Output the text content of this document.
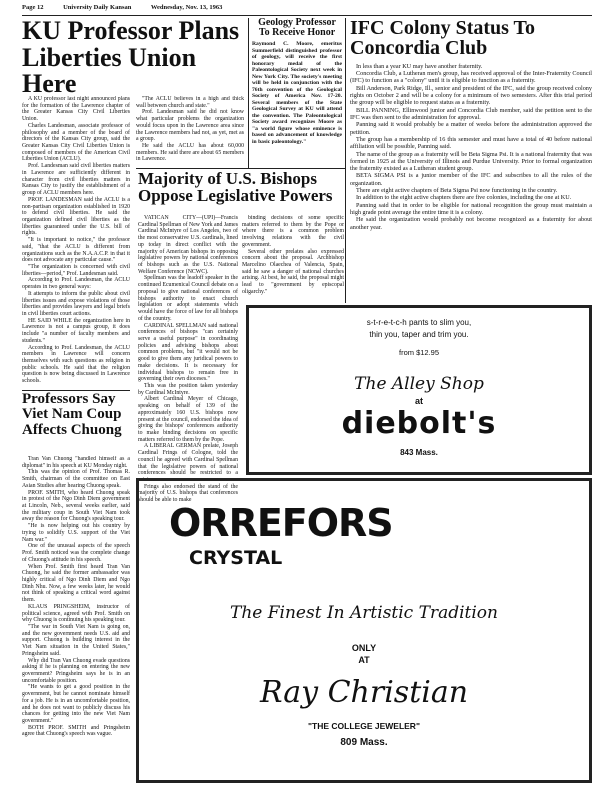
Page 12	University Daily Kansan	Wednesday, Nov. 13, 1963
KU Professor Plans Liberties Union Here

A KU professor last night announced plans for the formation of the Lawrence chapter of the Greater Kansas City Civil Liberties Union.

Charles Landesman, associate professor of philosophy and a member of the board of directors of the Kansas City group, said the Greater Kansas City Civil Liberties Union is composed of members of the American Civil Liberties Union (ACLU).

Prof. Landesman said civil liberties matters in Lawrence are sufficiently different in character from civil liberties matters in Kansas City to justify the establishment of a group of ACLU members here.

PROF. LANDESMAN said the ACLU is a non-partisan organization established in 1920 to defend civil liberties. He said the organization defined civil liberties as the liberties guaranteed under the U.S. bill of rights.

"It is important to notice," the professor said, "that the ACLU is different from organizations such as the N.A.A.C.P. in that it does not advocate any particular cause."

"The organization is concerned with civil liberties—period," Prof. Landesman said.

According to Prof. Landesman, the ACLU operates in two general ways:

It attempts to inform the public about civil liberties issues and expose violations of those liberties and provides lawyers and legal briefs in civil liberties court actions.

HE SAID WHILE the organization here in Lawrence is not a campus group, it does include "a number of faculty members and students."

According to Prof. Landesman, the ACLU members in Lawrence will concern themselves with such questions as religion in public schools. He said that the religion question is now being discussed in Lawrence schools.

"The ACLU believes in a high and thick wall between church and state."

Prof. Landesman said he did not know what particular problems the organization would focus upon in the Lawrence area since the Lawrence members had not, as yet, met as a group.

He said the ACLU has about 60,000 members. He said there are about 65 members in Lawrence.

Geology Professor To Receive Honor
Raymond C. Moore, emeritus Summerfield distinguished professor of geology, will receive the first honorary medal of the Paleontological Society next week in New York City. The society's meeting will be held in conjunction with the 76th convention of the Geological Society of America Nov. 17-20. Several members of the State Geological Survey at KU will attend the convention. The Paleontological Society award recognizes Moore as "a world figure whose eminence is based on advancement of knowledge in basic paleontology."
IFC Colony Status To Concordia Club

In less than a year KU may have another fraternity.

Concordia Club, a Lutheran men's group, has received approval of the Inter-Fraternity Council (IFC) to function as a "colony" until it is eligible to function as a fraternity.

Bill Anderson, Park Ridge, Ill., senior and president of the IFC, said the group received colony rights on October 2 and will be a colony for a minimum of two semesters. After this trial period the group will be eligible to request status as a fraternity.

BILL PANNING, Ellinwood junior and Concordia Club member, said the petition sent to the IFC was then sent to the administration for approval.

Panning said it would probably be a matter of weeks before the administration approved the petition.

The group has a membership of 16 this semester and must have a total of 40 before national affiliation will be possible, Panning said.

The name of the group as a fraternity will be Beta Sigma Psi. It is a national fraternity that was formed in 1925 at the University of Illinois and Purdue University. Prior to formal organization the fraternity existed as a Lutheran student group.

BETA SIGMA PSI is a junior member of the IFC and subscribes to all the rules of the organization.

There are eight active chapters of Beta Sigma Psi now functioning in the country.

In addition to the eight active chapters there are five colonies, including the one at KU.

Panning said that in order to be eligible for national recognition the group must maintain a high grade point average the entire time it is a colony.

He said the organization would probably not become recognized as a fraternity for about another year.

Majority of U.S. Bishops Oppose Legislative Powers

VATICAN CITY—(UPI)—Francis Cardinal Spellman of New York and James Cardinal McIntyre of Los Angeles, two of the most conservative U.S. cardinals, lined up today in direct conflict with the majority of American bishops in opposing legislative powers by national conferences of bishops such as the U.S. National Welfare Conference (NCWC).

Spellman was the leadoff speaker in the continued Ecumenical Council debate on a proposal to give national conferences of bishops authority to enact church legislation or adopt statements which would have the force of law for all bishops of the country.

CARDINAL SPELLMAN said national conferences of bishops "can certainly serve a useful purpose" in coordinating policies and advising bishops about common problems, but "it would not be good to give them any juridical powers to make decisions. It is necessary for individual bishops to remain free in governing their own dioceses."

This was the position taken yesterday by Cardinal McIntyre.

Albert Cardinal Meyer of Chicago, speaking on behalf of 139 of the approximately 160 U.S. bishops now present at the council, endorsed the idea of giving the bishops' conferences authority to make binding decisions on specific matters referred to them by the Pope.

A LIBERAL GERMAN prelate, Joseph Cardinal Frings of Cologne, told the council he agreed with Cardinal Spellman that the legislative powers of national conferences should be restricted to a minimum.

Frings also endorsed the stand of the majority of U.S. bishops that conferences should be able to make

binding decisions of some specific matters referred to them by the Pope or where there is a common problem involving relations with the civil government.

Several other prelates also expressed concern about the proposal. Archbishop Marcelino Olaechea of Valencia, Spain, said he saw a danger of national churches arising. At best, he said, the proposal might lead to "government by episcopal oligarchy."

Professors Say Viet Nam Coup Affects Chuong

Tran Van Chuong "handled himself as a diplomat" in his speech at KU Monday night.

This was the opinion of Prof. Thomas R. Smith, chairman of the committee on East Asian Studies after hearing Chuong speak.

PROF. SMITH, who heard Chuong speak in protest of the Ngo Dinh Diem government at Lincoln, Neb., several weeks earlier, said the military coup in South Viet Nam took away the reason for Chuong's speaking tour.

"He is now helping out his country by trying to solidify U.S. support of the Viet Nam war."

One of the unusual aspects of the speech Prof. Smith noticed was the complete change of Chuong's attitude in his speech.

When Prof. Smith first heard Tran Van Chuong, he said the former ambassador was highly critical of Ngo Dinh Diem and Ngo Dinh Nhu. Now, a few weeks later, he would not think of speaking a critical word against them.

KLAUS PRINGSHEIM, instructor of political science, agreed with Prof. Smith on why Chuong is continuing his speaking tour.

"The war in South Viet Nam is going on, and the new government needs U.S. aid and support. Chuong is building interest in the Viet Nam situation in the United States," Pringsheim said.

Why did Tran Van Chuong evade questions asking if he is planning on entering the new government? Pringsheim says he is in an uncomfortable position.

"He wants to get a good position in the government, but he cannot nominate himself for a job. He is in an uncomfortable position, and he does not want to publicly discuss his chances for getting into the new Viet Nam government."

BOTH PROF. SMITH and Pringsheim agree that Chuong's speech was vague.

s-t-r-e-t-c-h pants to slim you,
thin you, taper and trim you.
from $12.95
The Alley Shop
at
diebolt's
843 Mass.
ORREFORS
CRYSTAL
The Finest In Artistic Tradition
ONLY
AT
Ray Christian
"THE COLLEGE JEWELER"
809 Mass.
